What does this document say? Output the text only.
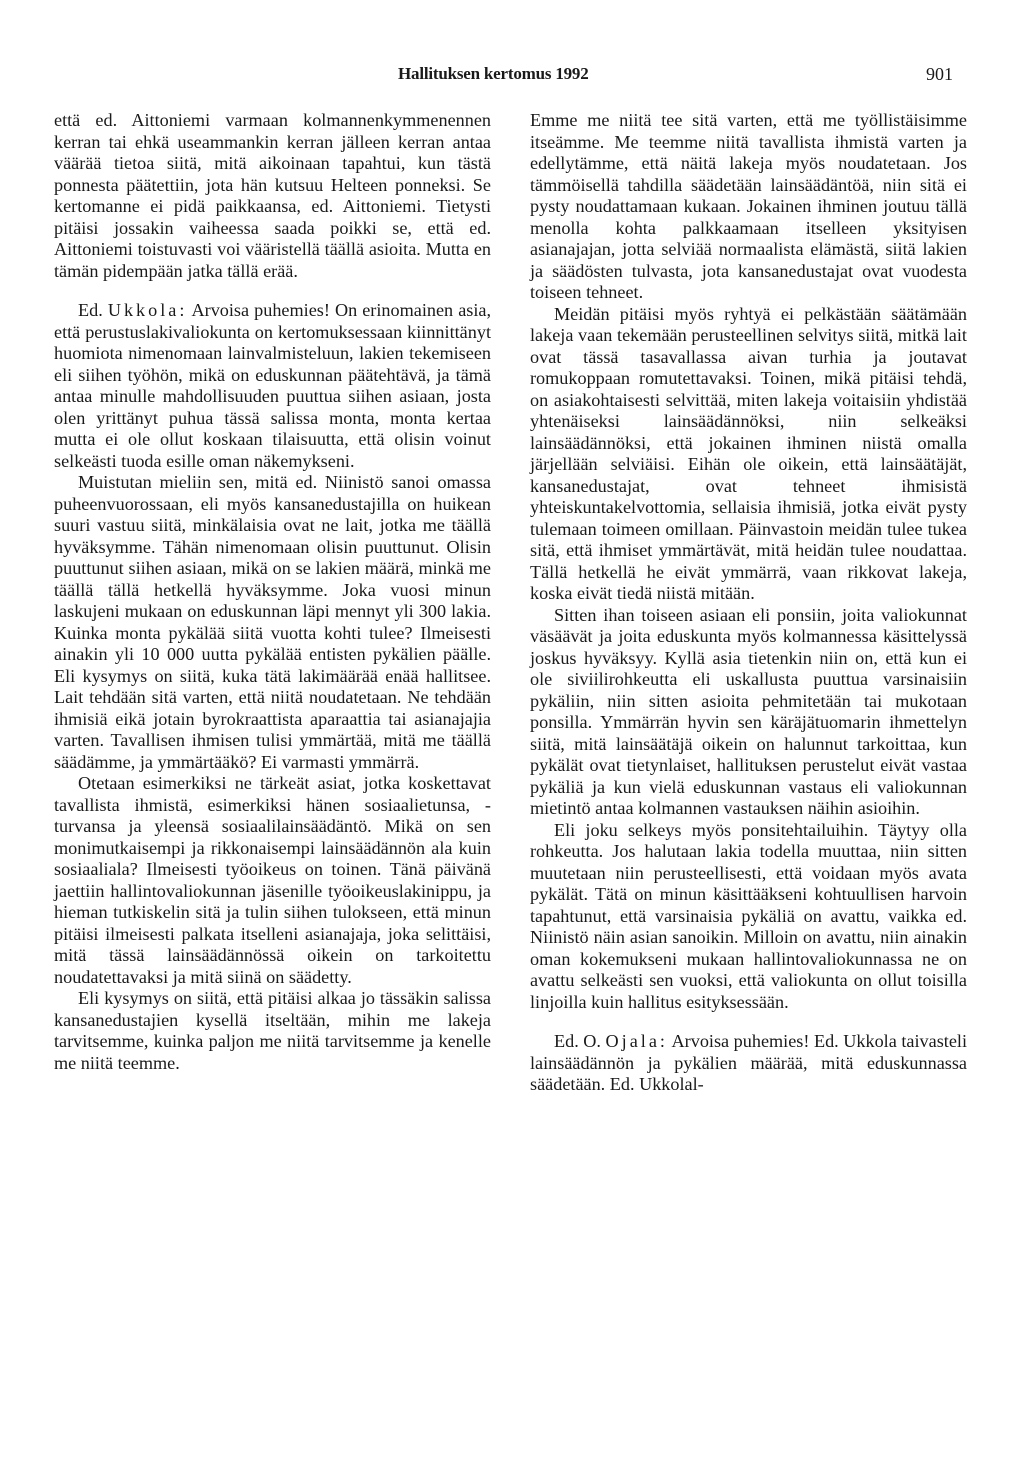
Hallituksen kertomus 1992	901

että ed. Aittoniemi varmaan kolmannenkymmenennen kerran tai ehkä useammankin kerran jälleen kerran antaa väärää tietoa siitä, mitä aikoinaan tapahtui, kun tästä ponnesta päätettiin, jota hän kutsuu Helteen ponneksi. Se kertomanne ei pidä paikkaansa, ed. Aittoniemi. Tietysti pitäisi jossakin vaiheessa saada poikki se, että ed. Aittoniemi toistuvasti voi vääristellä täällä asioita. Mutta en tämän pidempään jatka tällä erää.

Ed. Ukkola: Arvoisa puhemies! On erinomainen asia, että perustuslakivaliokunta on kertomuksessaan kiinnittänyt huomiota nimenomaan lainvalmisteluun, lakien tekemiseen eli siihen työhön, mikä on eduskunnan päätehtävä, ja tämä antaa minulle mahdollisuuden puuttua siihen asiaan, josta olen yrittänyt puhua tässä salissa monta, monta kertaa mutta ei ole ollut koskaan tilaisuutta, että olisin voinut selkeästi tuoda esille oman näkemykseni.

Muistutan mieliin sen, mitä ed. Niinistö sanoi omassa puheenvuorossaan, eli myös kansanedustajilla on huikean suuri vastuu siitä, minkälaisia ovat ne lait, jotka me täällä hyväksymme. Tähän nimenomaan olisin puuttunut. Olisin puuttunut siihen asiaan, mikä on se lakien määrä, minkä me täällä tällä hetkellä hyväksymme. Joka vuosi minun laskujeni mukaan on eduskunnan läpi mennyt yli 300 lakia. Kuinka monta pykälää siitä vuotta kohti tulee? Ilmeisesti ainakin yli 10 000 uutta pykälää entisten pykälien päälle. Eli kysymys on siitä, kuka tätä lakimäärää enää hallitsee. Lait tehdään sitä varten, että niitä noudatetaan. Ne tehdään ihmisiä eikä jotain byrokraattista aparaattia tai asianajajia varten. Tavallisen ihmisen tulisi ymmärtää, mitä me täällä säädämme, ja ymmärtääkö? Ei varmasti ymmärrä.

Otetaan esimerkiksi ne tärkeät asiat, jotka koskettavat tavallista ihmistä, esimerkiksi hänen sosiaalietunsa, -turvansa ja yleensä sosiaalilainsäädäntö. Mikä on sen monimutkaisempi ja rikkonaisempi lainsäädännön ala kuin sosiaaliala? Ilmeisesti työoikeus on toinen. Tänä päivänä jaettiin hallintovaliokunnan jäsenille työoikeuslakinippu, ja hieman tutkiskelin sitä ja tulin siihen tulokseen, että minun pitäisi ilmeisesti palkata itselleni asianajaja, joka selittäisi, mitä tässä lainsäädännössä oikein on tarkoitettu noudatettavaksi ja mitä siinä on säädetty.

Eli kysymys on siitä, että pitäisi alkaa jo tässäkin salissa kansanedustajien kysellä itseltään, mihin me lakeja tarvitsemme, kuinka paljon me niitä tarvitsemme ja kenelle me niitä teemme.

Emme me niitä tee sitä varten, että me työllistäisimme itseämme. Me teemme niitä tavallista ihmistä varten ja edellytämme, että näitä lakeja myös noudatetaan. Jos tämmöisellä tahdilla säädetään lainsäädäntöä, niin sitä ei pysty noudattamaan kukaan. Jokainen ihminen joutuu tällä menolla kohta palkkaamaan itselleen yksityisen asianajajan, jotta selviää normaalista elämästä, siitä lakien ja säädösten tulvasta, jota kansanedustajat ovat vuodesta toiseen tehneet.

Meidän pitäisi myös ryhtyä ei pelkästään säätämään lakeja vaan tekemään perusteellinen selvitys siitä, mitkä lait ovat tässä tasavallassa aivan turhia ja joutavat romukoppaan romutettavaksi. Toinen, mikä pitäisi tehdä, on asiakohtaisesti selvittää, miten lakeja voitaisiin yhdistää yhtenäiseksi lainsäädännöksi, niin selkeäksi lainsäädännöksi, että jokainen ihminen niistä omalla järjellään selviäisi. Eihän ole oikein, että lainsäätäjät, kansanedustajat, ovat tehneet ihmisistä yhteiskuntakelvottomia, sellaisia ihmisiä, jotka eivät pysty tulemaan toimeen omillaan. Päinvastoin meidän tulee tukea sitä, että ihmiset ymmärtävät, mitä heidän tulee noudattaa. Tällä hetkellä he eivät ymmärrä, vaan rikkovat lakeja, koska eivät tiedä niistä mitään.

Sitten ihan toiseen asiaan eli ponsiin, joita valiokunnat väsäävät ja joita eduskunta myös kolmannessa käsittelyssä joskus hyväksyy. Kyllä asia tietenkin niin on, että kun ei ole siviilirohkeutta eli uskallusta puuttua varsinaisiin pykäliin, niin sitten asioita pehmitetään tai mukotaan ponsilla. Ymmärrän hyvin sen käräjätuomarin ihmettelyn siitä, mitä lainsäätäjä oikein on halunnut tarkoittaa, kun pykälät ovat tietynlaiset, hallituksen perustelut eivät vastaa pykäliä ja kun vielä eduskunnan vastaus eli valiokunnan mietintö antaa kolmannen vastauksen näihin asioihin.

Eli joku selkeys myös ponsitehtailuihin. Täytyy olla rohkeutta. Jos halutaan lakia todella muuttaa, niin sitten muutetaan niin perusteellisesti, että voidaan myös avata pykälät. Tätä on minun käsittääkseni kohtuullisen harvoin tapahtunut, että varsinaisia pykäliä on avattu, vaikka ed. Niinistö näin asian sanoikin. Milloin on avattu, niin ainakin oman kokemukseni mukaan hallintovaliokunnassa ne on avattu selkeästi sen vuoksi, että valiokunta on ollut toisilla linjoilla kuin hallitus esityksessään.

Ed. O. Ojala: Arvoisa puhemies! Ed. Ukkola taivasteli lainsäädännön ja pykälien määrää, mitä eduskunnassa säädetään. Ed. Ukkolal-
